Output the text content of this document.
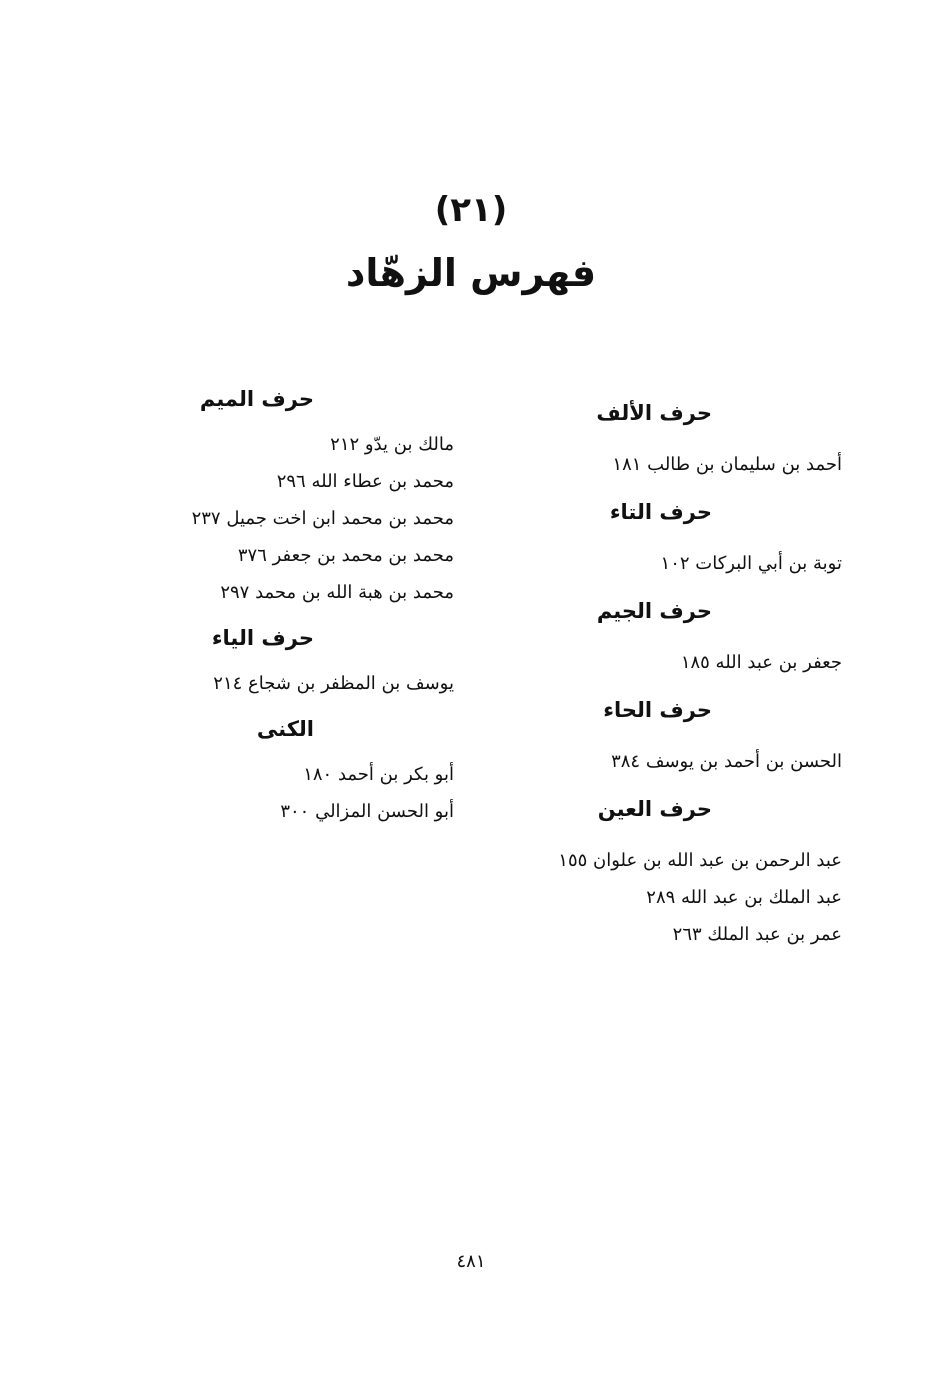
(٢١)
فهرس الزهّاد
حرف الألف
أحمد بن سليمان بن طالب ١٨١
حرف التاء
توبة بن أبي البركات ١٠٢
حرف الجيم
جعفر بن عبد الله ١٨٥
حرف الحاء
الحسن بن أحمد بن يوسف ٣٨٤
حرف العين
عبد الرحمن بن عبد الله بن علوان ١٥٥
عبد الملك بن عبد الله ٢٨٩
عمر بن عبد الملك ٢٦٣
حرف الميم
مالك بن يدّو ٢١٢
محمد بن عطاء الله ٢٩٦
محمد بن محمد ابن اخت جميل ٢٣٧
محمد بن محمد بن جعفر ٣٧٦
محمد بن هبة الله بن محمد ٢٩٧
حرف الياء
يوسف بن المظفر بن شجاع ٢١٤
الكنى
أبو بكر بن أحمد ١٨٠
أبو الحسن المزالي ٣٠٠
٤٨١
